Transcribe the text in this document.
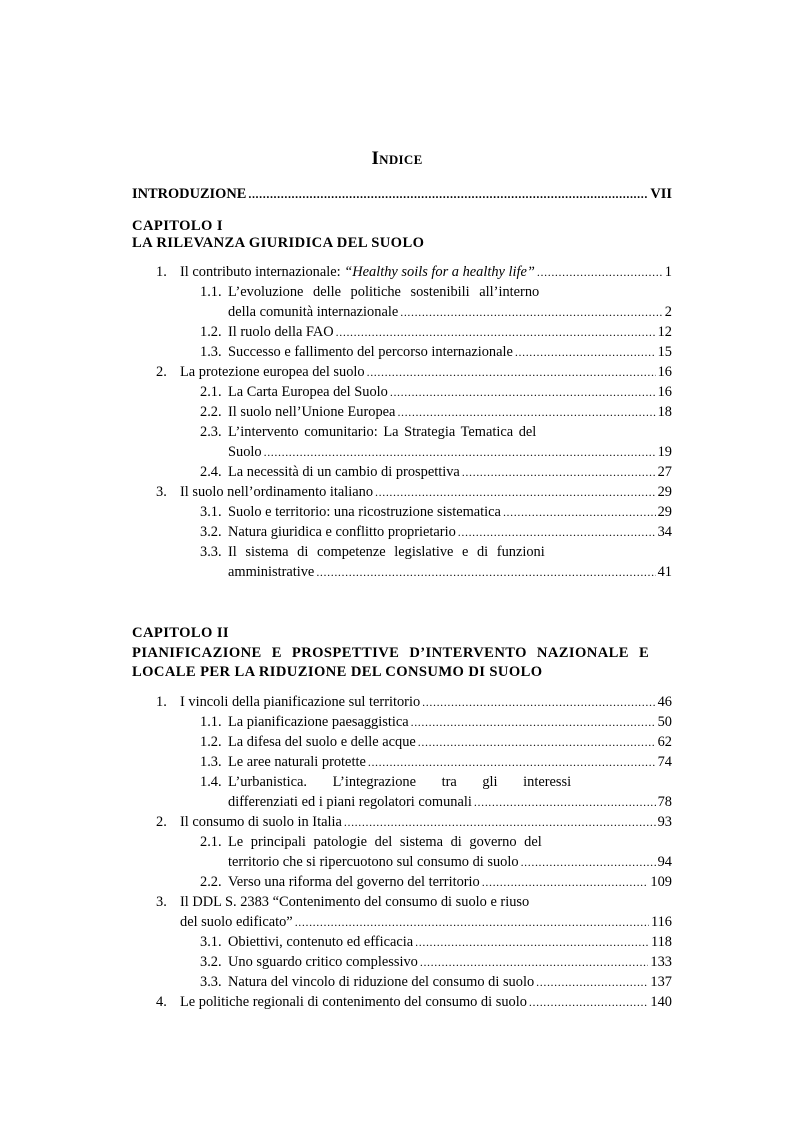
Indice
INTRODUZIONE .....	VII
CAPITOLO I
LA RILEVANZA GIURIDICA DEL SUOLO
1. Il contributo internazionale: “Healthy soils for a healthy life” .....	1
1.1. L’evoluzione delle politiche sostenibili all’interno
della comunità internazionale .....	2
1.2. Il ruolo della FAO .....	12
1.3. Successo e fallimento del percorso internazionale .....	15
2. La protezione europea del suolo .....	16
2.1. La Carta Europea del Suolo .....	16
2.2. Il suolo nell’Unione Europea .....	18
2.3. L’intervento comunitario: La Strategia Tematica del
Suolo .....	19
2.4. La necessità di un cambio di prospettiva .....	27
3. Il suolo nell’ordinamento italiano .....	29
3.1. Suolo e territorio: una ricostruzione sistematica .....	29
3.2. Natura giuridica e conflitto proprietario .....	34
3.3. Il sistema di competenze legislative e di funzioni
amministrative .....	41
CAPITOLO II
PIANIFICAZIONE E PROSPETTIVE D’INTERVENTO NAZIONALE E
LOCALE PER LA RIDUZIONE DEL CONSUMO DI SUOLO
1. I vincoli della pianificazione sul territorio .....	46
1.1. La pianificazione paesaggistica .....	50
1.2. La difesa del suolo e delle acque .....	62
1.3. Le aree naturali protette .....	74
1.4. L’urbanistica. L’integrazione tra gli interessi
differenziati ed i piani regolatori comunali .....	78
2. Il consumo di suolo in Italia .....	93
2.1. Le principali patologie del sistema di governo del
territorio che si ripercuotono sul consumo di suolo .....	94
2.2. Verso una riforma del governo del territorio .....	109
3. Il DDL S. 2383 “Contenimento del consumo di suolo e riuso
del suolo edificato” .....	116
3.1. Obiettivi, contenuto ed efficacia .....	118
3.2. Uno sguardo critico complessivo .....	133
3.3. Natura del vincolo di riduzione del consumo di suolo .....	137
4. Le politiche regionali di contenimento del consumo di suolo .....	140
